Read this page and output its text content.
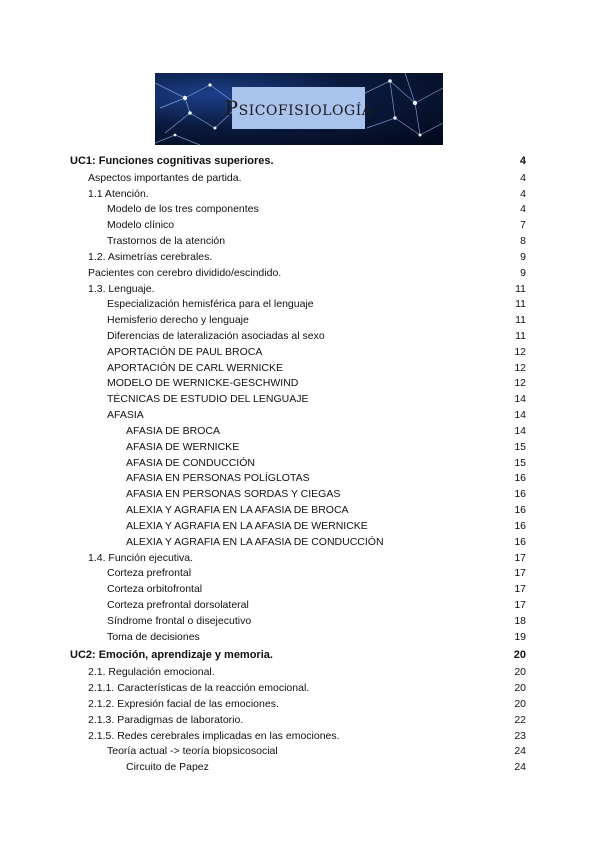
Psicofisiología
UC1: Funciones cognitivas superiores.	4
Aspectos importantes de partida.	4
1.1 Atención.	4
Modelo de los tres componentes	4
Modelo clínico	7
Trastornos de la atención	8
1.2. Asimetrías cerebrales.	9
Pacientes con cerebro dividido/escindido.	9
1.3. Lenguaje.	11
Especialización hemisférica para el lenguaje	11
Hemisferio derecho y lenguaje	11
Diferencias de lateralización asociadas al sexo	11
APORTACIÓN DE PAUL BROCA	12
APORTACIÓN DE CARL WERNICKE	12
MODELO DE WERNICKE-GESCHWIND	12
TÉCNICAS DE ESTUDIO DEL LENGUAJE	14
AFASIA	14
AFASIA DE BROCA	14
AFASIA DE WERNICKE	15
AFASIA DE CONDUCCIÓN	15
AFASIA EN PERSONAS POLÍGLOTAS	16
AFASIA EN PERSONAS SORDAS Y CIEGAS	16
ALEXIA Y AGRAFIA EN LA AFASIA DE BROCA	16
ALEXIA Y AGRAFIA EN LA AFASIA DE WERNICKE	16
ALEXIA Y AGRAFIA EN LA AFASIA DE CONDUCCIÓN	16
1.4. Función ejecutiva.	17
Corteza prefrontal	17
Corteza orbitofrontal	17
Corteza prefrontal dorsolateral	17
Síndrome frontal o disejecutivo	18
Toma de decisiones	19
UC2: Emoción, aprendizaje y memoria.	20
2.1. Regulación emocional.	20
2.1.1. Características de la reacción emocional.	20
2.1.2. Expresión facial de las emociones.	20
2.1.3. Paradigmas de laboratorio.	22
2.1.5. Redes cerebrales implicadas en las emociones.	23
Teoría actual -> teoría biopsicosocial	24
Circuito de Papez	24
